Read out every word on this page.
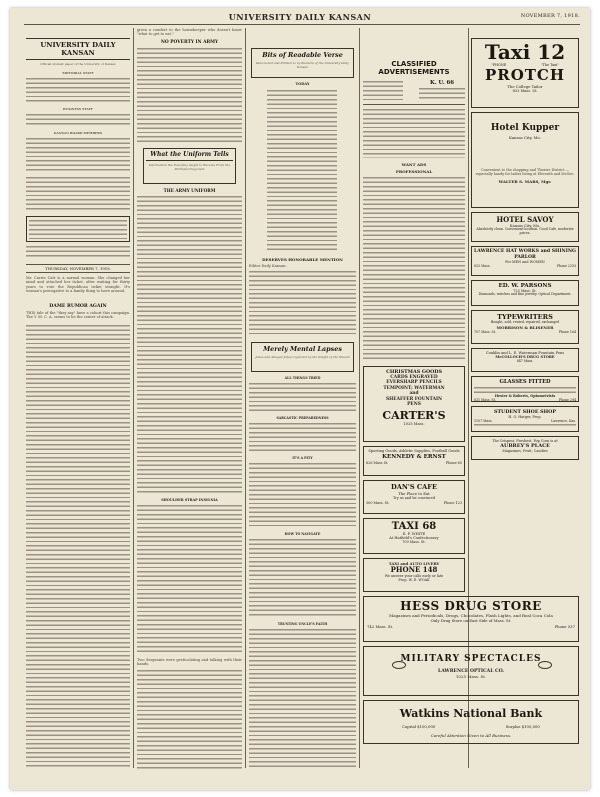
UNIVERSITY DAILY KANSAN	NOVEMBER 7, 1918.
UNIVERSITY DAILY KANSAN
Official student paper of the University of Kansas
EDITORIAL STAFF
BUSINESS STAFF
KANSAN BOARD MEMBERS
THURSDAY, NOVEMBER 7, 1918.
Mr. Carrie Catt is a normal woman. She changed her mind and attached her ticket, after waiting for thirty years to vote the Republican ticket straight. It's woman's prerogative to a family thing to have around.
DAME RUMOR AGAIN
THIS tale of the "they say" have a cohort this campaign. The Y. M. C. A. seems to be the center of attack.
given a comfort to the housekeeper who doesn't know "what to get to eat."
NO POVERTY IN ARMY
What the Uniform Tells
Information the Everyday Ought to Receive From the Portland Oregonian
THE ARMY UNIFORM
SHOULDER STRAP INSIGNIA
Two Sergeants were gesticulating and talking with their hands.
Bits of Readable Verse
Discovered and Printed to by Readers of the University Daily Kansan
TODAY
DESERVES HONORABLE MENTION
Editor Daily Kansan:
Merely Mental Lapses
Jokes and Alleged Jokes Captured by the Knight of the Shears
ALL THINGS TRIED
SARCASTIC PREPAREDNESS
IT'S A PITY
HOW TO NAVIGATE
TRUSTING UNCLE'S FAITH
CLASSIFIED ADVERTISEMENTS
K. U. 66
WANT ADS
PROFESSIONAL
CHRISTMAS GOODS
CARDS ENGRAVED
EVERSHARP PENCILS
TEMPOINT; WATERMAN
and
SHEAFFER FOUNTAIN
PENS
CARTER'S
1025 Mass.
Sporting Goods, Athletic Supplies, Football Goods
KENNEDY & ERNST
826 Mass St.	Phone 65
DAN'S CAFE
The Place to Eat
Try us and be convinced
300 Mass. St.	Phone 123
TAXI 68
E. F. WHITE
At Hatfield's Confectionery
700 Mass. St.
TAXI and AUTO LIVERY
PHONE 148
We answer your calls early or late
Prop. W. E. WOAK
Taxi 12
"PHONE	"The Taxi"
PROTCH
The College Tailor
833 Mass. St.
Hotel Kupper
Kansas City, Mo.
Convenient to the shopping and Theatre District — especially handy for ladies living at Eleventh and McGee.
WALTER S. MARS, Mgr.
HOTEL SAVOY
Kansas City, Mo.
Absolutely clean. Convenient location. Good Cafe, moderate prices.
LAWRENCE HAT WORKS and SHINING PARLOR
For MEN and WOMEN
833 Mass.	Phone 2253
ED. W. PARSONS
725 Mass. St.
Diamonds, watches and fine jewelry. Optical Department.
TYPEWRITERS
Bought, sold, rented, repaired, exchanged
MORRISON & BLISENER
707 Mass. St.	Phone 164
Conklin and L. E. Waterman Fountain Pens
McCOLLOCH'S DRUG STORE
847 Mass.
GLASSES FITTED
Hester & Roberts, Optometrists
831 Mass. St.	Phone 294
STUDENT SHOE SHOP
H. O. Harger, Prop.
1107 Mass.	Lawrence, Kas.
The Crispest, Freshest, Pop Corn is at
AUBREY'S PLACE
Magazines, Fruit, Candies
HESS DRUG STORE
Magazines and Periodicals, Drugs, Chocolates, Flash Lights, and Real Coca Cola
Only Drug Store on East Side of Mass. St.
742 Mass. St.	Phone 537
MILITARY SPECTACLES
LAWRENCE OPTICAL CO.
1025 Mass. St.
Watkins National Bank
Capital $100,000	Surplus $100,000
Careful Attention Given to All Business.
